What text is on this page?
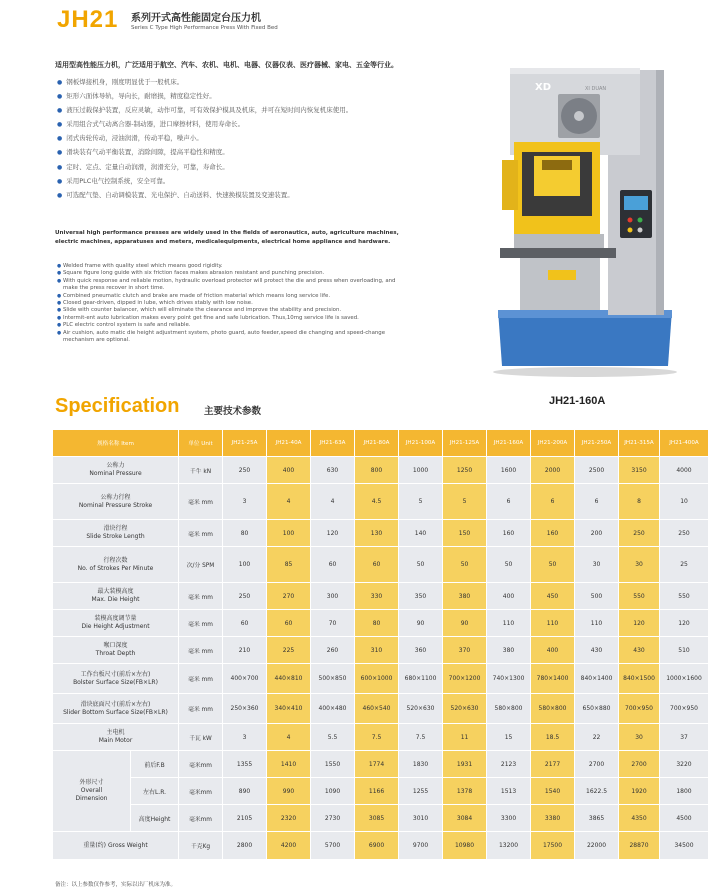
JH21 系列开式高性能固定台压力机
Series C Type High Performance Press With Fixed Bed
适用型高性能压力机，广泛适用于航空、汽车、农机、电机、电器、仪器仪表、医疗器械、家电、五金等行业。
● 钢板焊接机身，刚度明显优于一般机床。
● 矩形六面体导轨，导向长，耐磨损，精度稳定性好。
● 液压过载保护装置，反应灵敏，动作可靠，可有效保护模具及机床，并可在短时间内恢复机床使用。
● 采用组合式气动离合器-制动器，进口摩擦材料，使用寿命长。
● 闭式齿轮传动，浸油润滑，传动平稳，噪声小。
● 滑块装有气动平衡装置，消除间隙，提高平稳性和精度。
● 定时、定点、定量自动润滑，润滑充分，可靠，寿命长。
● 采用PLC电气控制系统，安全可靠。
● 可选配气垫、自动调模装置、光电保护、自动送料、快速换模装置及变速装置。
Universal high performance presses are widely used in the fields of aeronautics, auto, agriculture machines, electric machines, apparatuses and meters, medicalequipments, electrical home appliance and hardware.
● Welded frame with quality steel which means good rigidity.
● Square figure long guide with six friction faces makes abrasion resistant and punching precision.
● With quick response and reliable motion, hydraulic overload protector will protect the die and press when overloading, and make the press recover in short time.
● Combined pneumatic clutch and brake are made of friction material which means long service life.
● Closed gear-driven, dipped in lube, which drives stably with low noise.
● Slide with counter balancer, which will eliminate the clearance and improve the stability and precision.
● Intermit-ent auto lubrication makes every point get fine and safe lubrication. Thus,10mg service life is saved.
● PLC electric control system is safe and reliable.
● Air cushion, auto matic die height adjustment system, photo guard, auto feeder,speed die changing and speed-change mechanism are optional.
XD	XI DUAN
JH21-160A
Specification	主要技术参数
规格名称 Item		单位 Unit	JH21-25A	JH21-40A	JH21-63A	JH21-80A	JH21-100A	JH21-125A	JH21-160A	JH21-200A	JH21-250A	JH21-315A	JH21-400A

公称力
Nominal Pressure		千牛 kN	250	400	630	800	1000	1250	1600	2000	2500	3150	4000

公称力行程
Nominal Pressure Stroke		毫米 mm	3	4	4	4.5	5	5	6	6	6	8	10

滑块行程
Slide Stroke Length		毫米 mm	80	100	120	130	140	150	160	160	200	250	250

行程次数
No. of Strokes Per Minute		次/分 SPM	100	85	60	60	50	50	50	50	30	30	25

最大装模高度
Max. Die Height		毫米 mm	250	270	300	330	350	380	400	450	500	550	550

装模高度调节量
Die Height Adjustment		毫米 mm	60	60	70	80	90	90	110	110	110	120	120

喉口深度
Throat Depth		毫米 mm	210	225	260	310	360	370	380	400	430	430	510

工作台板尺寸(前后×左右)
Bolster Surface Size(FB×LR)		毫米 mm	400×700	440×810	500×850	600×1000	680×1100	700×1200	740×1300	780×1400	840×1400	840×1500	1000×1600

滑块底面尺寸(前后×左右)
Slider Bottom Surface Size(FB×LR)		毫米 mm	250×360	340×410	400×480	460×540	520×630	520×630	580×800	580×800	650×880	700×950	700×950

主电机
Main Motor		千瓦 kW	3	4	5.5	7.5	7.5	11	15	18.5	22	30	37

外形尺寸
Overall
Dimension	前后F.B	毫米mm	1355	1410	1550	1774	1830	1931	2123	2177	2700	2700	3220
	左右L.R.	毫米mm	890	990	1090	1166	1255	1378	1513	1540	1622.5	1920	1800
	高度Height	毫米mm	2105	2320	2730	3085	3010	3084	3300	3380	3865	4350	4500
重量(约) Gross Weight		千克Kg	2800	4200	5700	6900	9700	10980	13200	17500	22000	28870	34500
备注：以上参数仅作参考，实际以出厂机床为准。
